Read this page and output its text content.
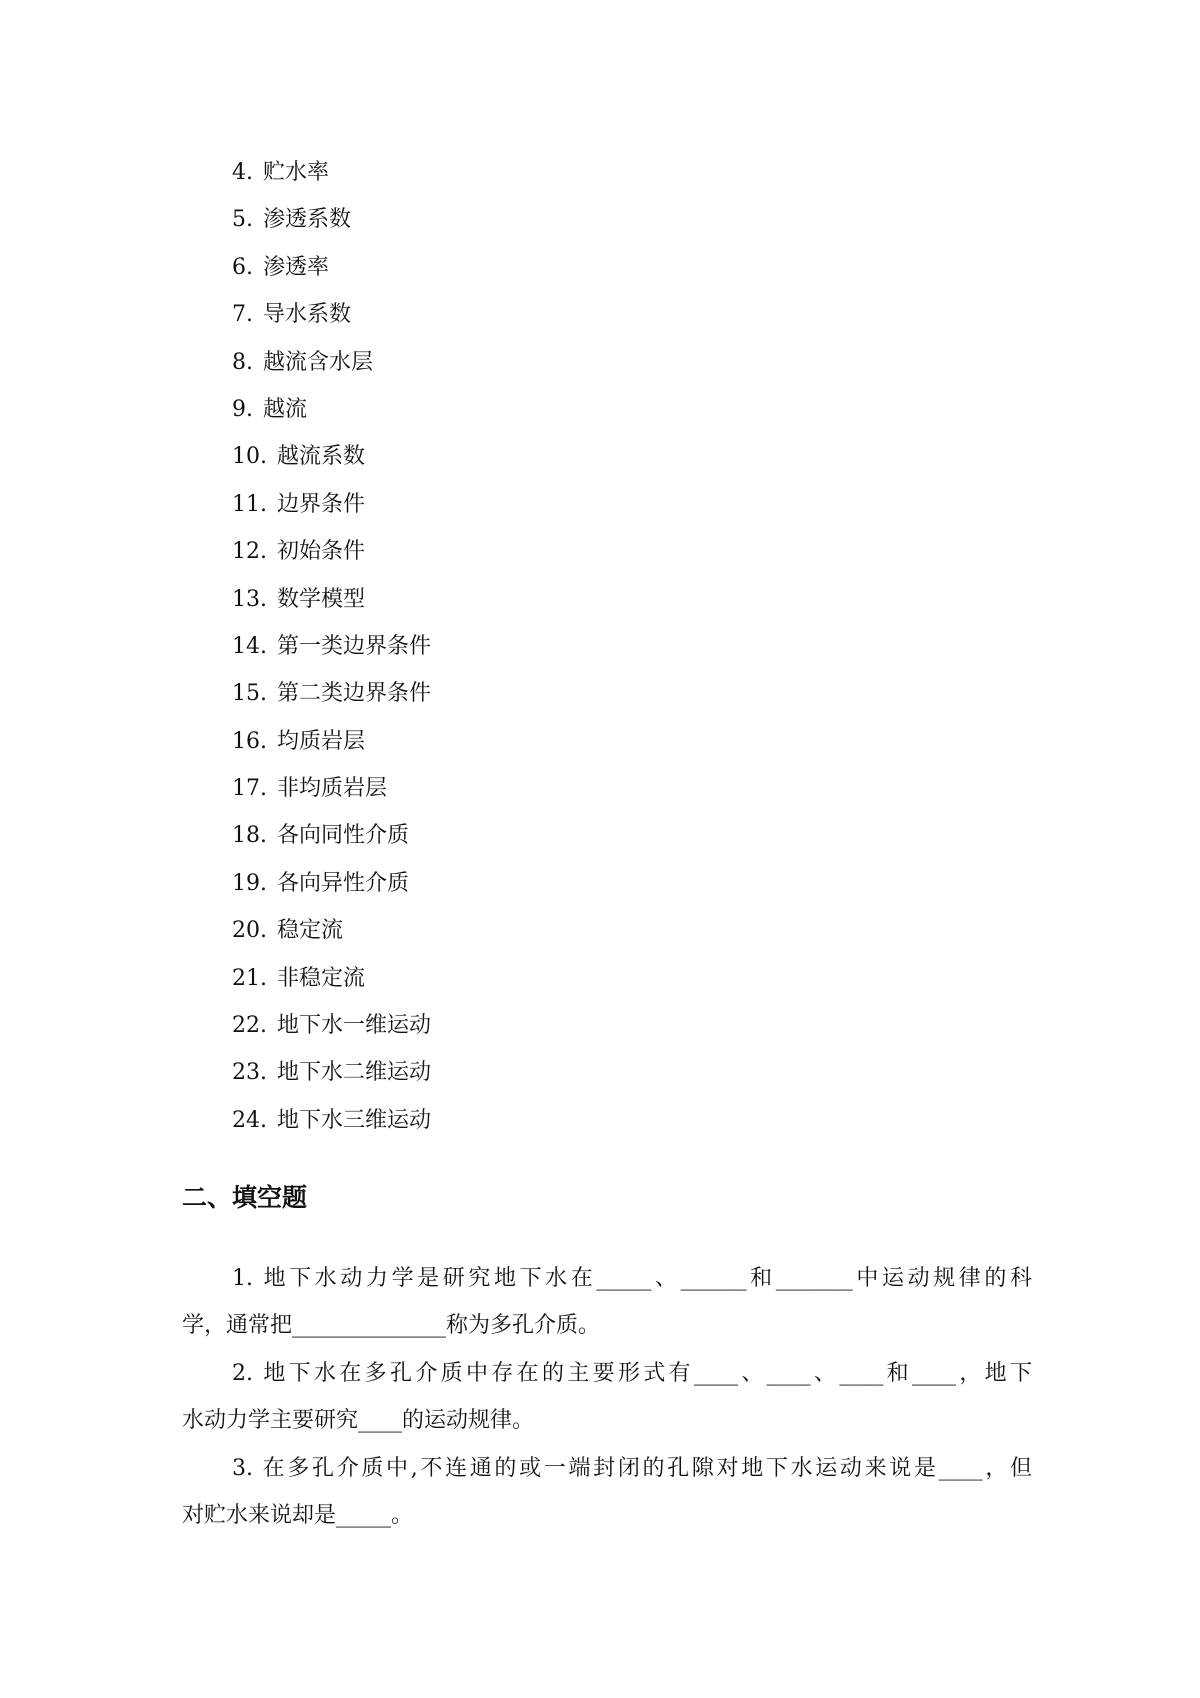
4. 贮水率
5. 渗透系数
6. 渗透率
7. 导水系数
8. 越流含水层
9. 越流
10. 越流系数
11. 边界条件
12. 初始条件
13. 数学模型
14. 第一类边界条件
15. 第二类边界条件
16. 均质岩层
17. 非均质岩层
18. 各向同性介质
19. 各向异性介质
20. 稳定流
21. 非稳定流
22. 地下水一维运动
23. 地下水二维运动
24. 地下水三维运动
二、填空题
1. 地下水动力学是研究地下水在_____、______和_______中运动规律的科
学，通常把______________称为多孔介质。
2. 地下水在多孔介质中存在的主要形式有____、____、____和____，地下
水动力学主要研究____的运动规律。
3. 在多孔介质中,不连通的或一端封闭的孔隙对地下水运动来说是____，但
对贮水来说却是_____。
